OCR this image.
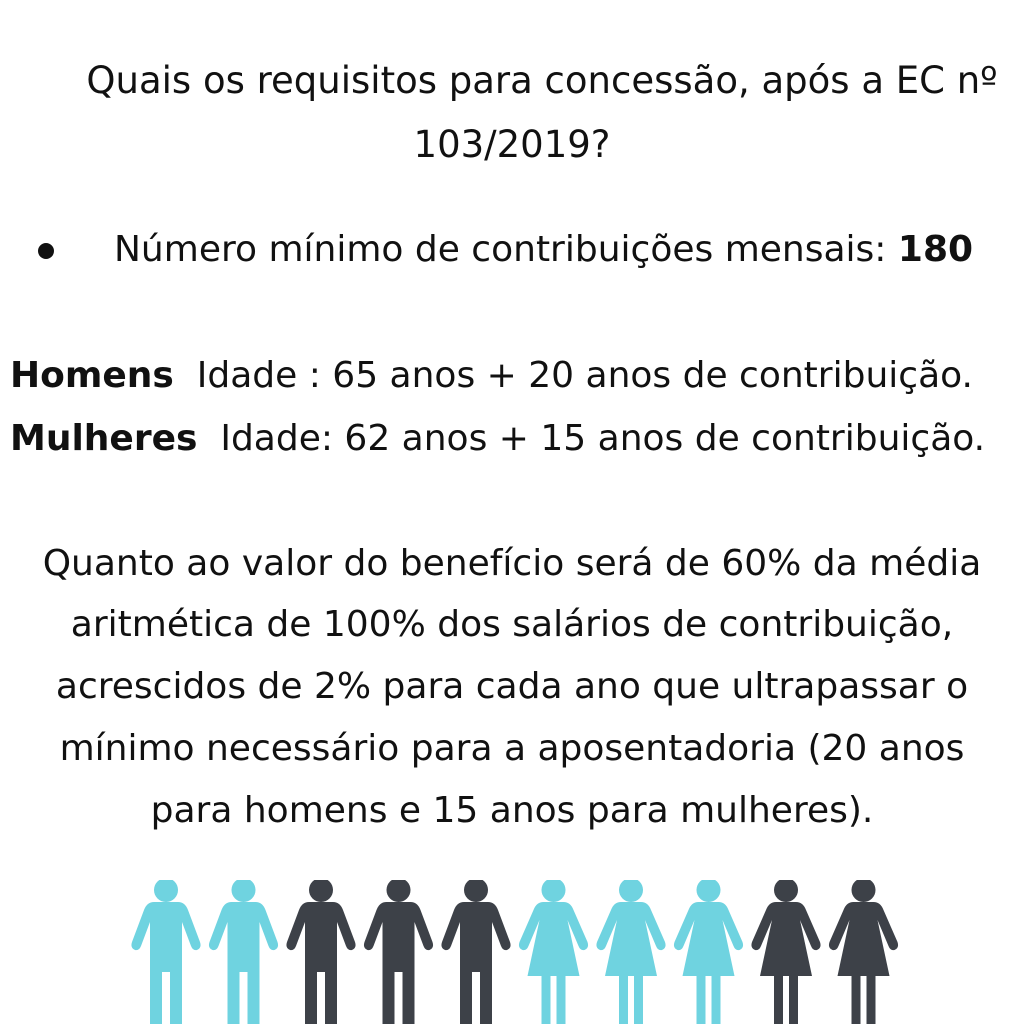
Quais os requisitos para concessão, após a EC nº
103/2019?
Número mínimo de contribuições mensais: 180
Homens  Idade : 65 anos + 20 anos de contribuição.
Mulheres  Idade: 62 anos + 15 anos de contribuição.
Quanto ao valor do benefício será de 60% da média
aritmética de 100% dos salários de contribuição,
acrescidos de 2% para cada ano que ultrapassar o
mínimo necessário para a aposentadoria (20 anos
para homens e 15 anos para mulheres).
